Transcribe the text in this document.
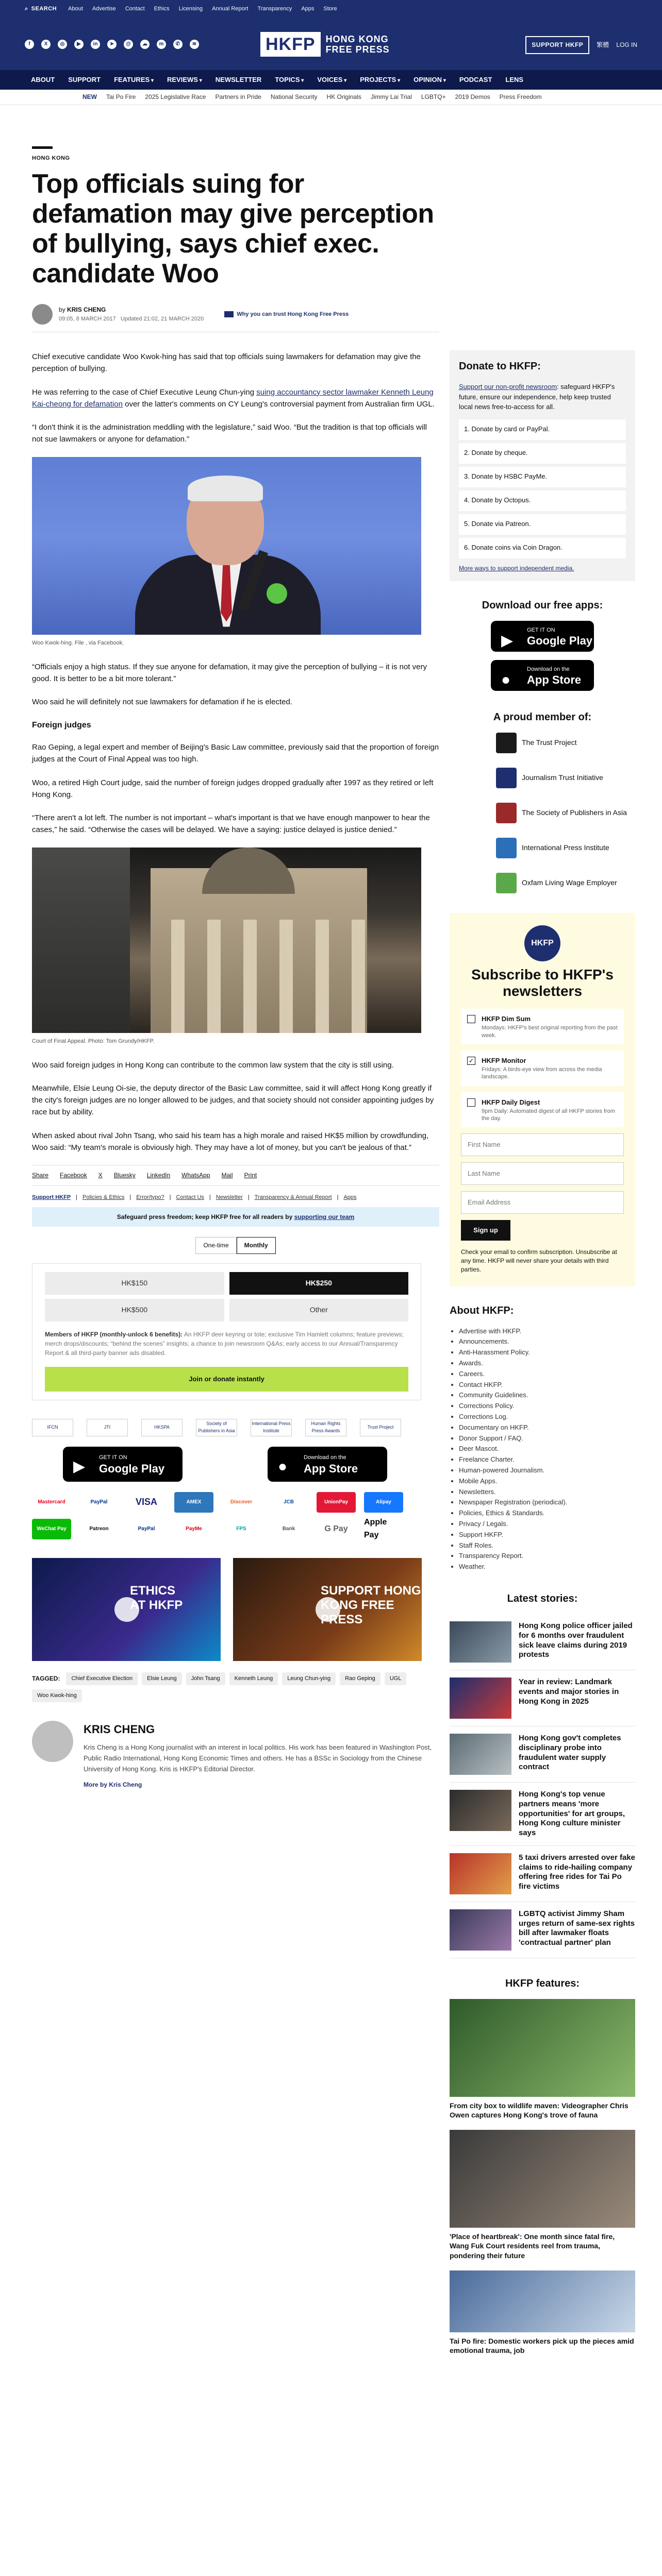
⌕ SEARCH About Advertise Contact Ethics Licensing Annual Report Transparency Apps Store
f	X	◎	▶	in	➤	@	☁	m	✆	≋	HKFP	HONG KONG
FREE PRESS	SUPPORT HKFP	繁體 LOG IN
ABOUT SUPPORT FEATURES ▾	REVIEWS ▾	NEWSLETTER TOPICS ▾	VOICES ▾	PROJECTS ▾	OPINION ▾	PODCAST LENS
NEW Tai Po Fire 2025 Legislative Race Partners in Pride National Security HK Originals Jimmy Lai Trial LGBTQ+ 2019 Demos Press Freedom
HONG KONG
Top officials suing for defamation may give perception of bullying, says chief exec. candidate Woo
by KRIS CHENG
09:05, 8 MARCH 2017 Updated 21:02, 21 MARCH 2020
Why you can trust Hong Kong Free Press

Chief executive candidate Woo Kwok-hing has said that top officials suing lawmakers for defamation may give the perception of bullying.

He was referring to the case of Chief Executive Leung Chun-ying suing accountancy sector lawmaker Kenneth Leung Kai-cheong for defamation over the latter's comments on CY Leung's controversial payment from Australian firm UGL.

“I don't think it is the administration meddling with the legislature,” said Woo. “But the tradition is that top officials will not sue lawmakers or anyone for defamation.”

Woo Kwok-hing. File , via Facebook.

“Officials enjoy a high status. If they sue anyone for defamation, it may give the perception of bullying – it is not very good. It is better to be a bit more tolerant.”

Woo said he will definitely not sue lawmakers for defamation if he is elected.

Foreign judges

Rao Geping, a legal expert and member of Beijing's Basic Law committee, previously said that the proportion of foreign judges at the Court of Final Appeal was too high.

Woo, a retired High Court judge, said the number of foreign judges dropped gradually after 1997 as they retired or left Hong Kong.

“There aren't a lot left. The number is not important – what's important is that we have enough manpower to hear the cases,” he said. “Otherwise the cases will be delayed. We have a saying: justice delayed is justice denied.”

Court of Final Appeal. Photo: Tom Grundy/HKFP.

Woo said foreign judges in Hong Kong can contribute to the common law system that the city is still using.

Meanwhile, Elsie Leung Oi-sie, the deputy director of the Basic Law committee, said it will affect Hong Kong greatly if the city's foreign judges are no longer allowed to be judges, and that society should not consider appointing judges by race but by ability.

When asked about rival John Tsang, who said his team has a high morale and raised HK$5 million by crowdfunding, Woo said: “My team's morale is obviously high. They may have a lot of money, but you can't be jealous of that.”

Share Facebook X Bluesky LinkedIn WhatsApp Mail Print
Support HKFP | Policies & Ethics | Error/typo? | Contact Us | Newsletter | Transparency & Annual Report | Apps
Safeguard press freedom; keep HKFP free for all readers by supporting our team
One-time	Monthly
HK$150	HK$250
HK$500	Other
Members of HKFP (monthly-unlock 6 benefits): An HKFP deer keyring or tote; exclusive Tim Hamlett columns; feature previews; merch drops/discounts; “behind the scenes” insights; a chance to join newsroom Q&As; early access to our Annual/Transparency Report & all third-party banner ads disabled.
Join or donate instantly
IFCN	JTI	HKSPA
Society of Publishers in Asia
International Press Institute
Human Rights Press Awards
Trust Project
▶
GET IT ON
Google Play	●
Download on the
App Store
Mastercard	PayPal	VISA	AMEX	Discover	JCB	UnionPay	Alipay
WeChat Pay	Patreon	PayPal	PayMe	FPS	Bank	G Pay
Apple Pay
ETHICS
AT HKFP
SUPPORT HONG
KONG FREE PRESS
TAGGED:	Chief Executive Election	Elsie Leung	John Tsang	Kenneth Leung	Leung Chun-ying	Rao Geping	UGL
Woo Kwok-hing
KRIS CHENG

Kris Cheng is a Hong Kong journalist with an interest in local politics. His work has been featured in Washington Post, Public Radio International, Hong Kong Economic Times and others. He has a BSSc in Sociology from the Chinese University of Hong Kong. Kris is HKFP's Editorial Director.

More by Kris Cheng
Donate to HKFP:
Support our non-profit newsroom: safeguard HKFP's future, ensure our independence, help keep trusted local news free-to-access for all.
1. Donate by card or PayPal.
2. Donate by cheque.
3. Donate by HSBC PayMe.
4. Donate by Octopus.
5. Donate via Patreon.
6. Donate coins via Coin Dragon.
More ways to support independent media.
Download our free apps:
▶
GET IT ON
Google Play
●
Download on the
App Store
A proud member of:
The Trust Project
Journalism Trust Initiative
The Society of Publishers in Asia
International Press Institute
Oxfam Living Wage Employer
HKFP
Subscribe to HKFP's newsletters
HKFP Dim Sum
Mondays: HKFP's best original reporting from the past week.
✓ HKFP Monitor
Fridays: A birds-eye view from across the media landscape.
HKFP Daily Digest
9pm Daily: Automated digest of all HKFP stories from the day.
First Name
Last Name
Email Address
Sign up
Check your email to confirm subscription. Unsubscribe at any time. HKFP will never share your details with third parties.
About HKFP:
• Advertise with HKFP.
• Announcements.
• Anti-Harassment Policy.
• Awards.
• Careers.
• Contact HKFP.
• Community Guidelines.
• Corrections Policy.
• Corrections Log.
• Documentary on HKFP.
• Donor Support / FAQ.
• Deer Mascot.
• Freelance Charter.
• Human-powered Journalism.
• Mobile Apps.
• Newsletters.
• Newspaper Registration (periodical).
• Policies, Ethics & Standards.
• Privacy / Legals.
• Support HKFP.
• Staff Roles.
• Transparency Report.
• Weather.
Latest stories:
Hong Kong police officer jailed for 6 months over fraudulent sick leave claims during 2019 protests
Year in review: Landmark events and major stories in Hong Kong in 2025
Hong Kong gov't completes disciplinary probe into fraudulent water supply contract
Hong Kong's top venue partners means 'more opportunities' for art groups, Hong Kong culture minister says
5 taxi drivers arrested over fake claims to ride-hailing company offering free rides for Tai Po fire victims
LGBTQ activist Jimmy Sham urges return of same-sex rights bill after lawmaker floats 'contractual partner' plan
HKFP features:
From city box to wildlife maven: Videographer Chris Owen captures Hong Kong's trove of fauna
'Place of heartbreak': One month since fatal fire, Wang Fuk Court residents reel from trauma, pondering their future
Tai Po fire: Domestic workers pick up the pieces amid emotional trauma, job
